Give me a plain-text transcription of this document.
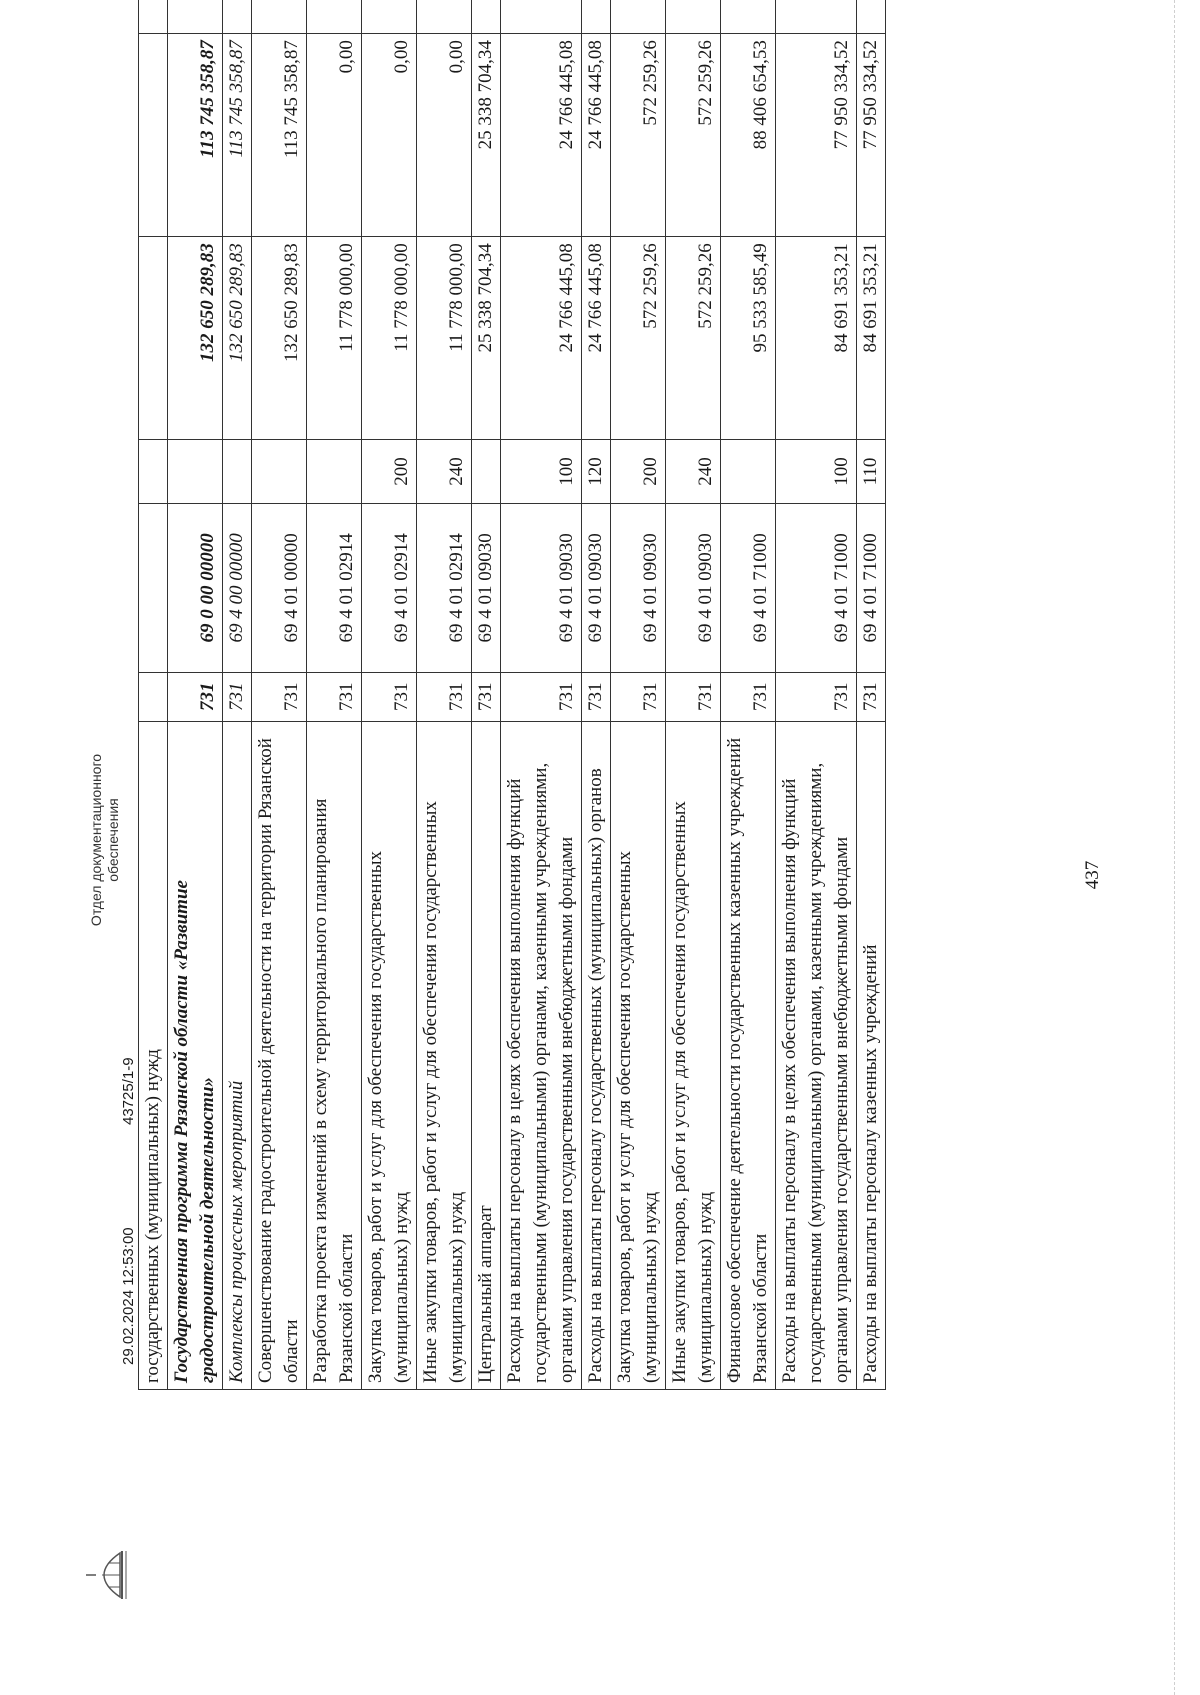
437
государственных (муниципальных) нужд						
Государственная программа Рязанской области «Развитие градостроительной деятельности»	731	69 0 00 00000		132 650 289,83	113 745 358,87	
Комплексы процессных мероприятий	731	69 4 00 00000		132 650 289,83	113 745 358,87	
Совершенствование градостроительной деятельности на территории Рязанской области	731	69 4 01 00000		132 650 289,83	113 745 358,87	
Разработка проекта изменений в схему территориального планирования Рязанской области	731	69 4 01 02914		11 778 000,00	0,00	
Закупка товаров, работ и услуг для обеспечения государственных (муниципальных) нужд	731	69 4 01 02914	200	11 778 000,00	0,00	
Иные закупки товаров, работ и услуг для обеспечения государственных (муниципальных) нужд	731	69 4 01 02914	240	11 778 000,00	0,00	
Центральный аппарат	731	69 4 01 09030		25 338 704,34	25 338 704,34	
Расходы на выплаты персоналу в целях обеспечения выполнения функций государственными (муниципальными) органами, казенными учреждениями, органами управления государственными внебюджетными фондами	731	69 4 01 09030	100	24 766 445,08	24 766 445,08	
Расходы на выплаты персоналу государственных (муниципальных) органов	731	69 4 01 09030	120	24 766 445,08	24 766 445,08	
Закупка товаров, работ и услуг для обеспечения государственных (муниципальных) нужд	731	69 4 01 09030	200	572 259,26	572 259,26	
Иные закупки товаров, работ и услуг для обеспечения государственных (муниципальных) нужд	731	69 4 01 09030	240	572 259,26	572 259,26	
Финансовое обеспечение деятельности государственных казенных учреждений Рязанской области	731	69 4 01 71000		95 533 585,49	88 406 654,53	
Расходы на выплаты персоналу в целях обеспечения выполнения функций государственными (муниципальными) органами, казенными учреждениями, органами управления государственными внебюджетными фондами	731	69 4 01 71000	100	84 691 353,21	77 950 334,52	
Расходы на выплаты персоналу казенных учреждений	731	69 4 01 71000	110	84 691 353,21	77 950 334,52	
29.02.2024 12:53:00
43725/1-9
Отдел документационного обеспечения
